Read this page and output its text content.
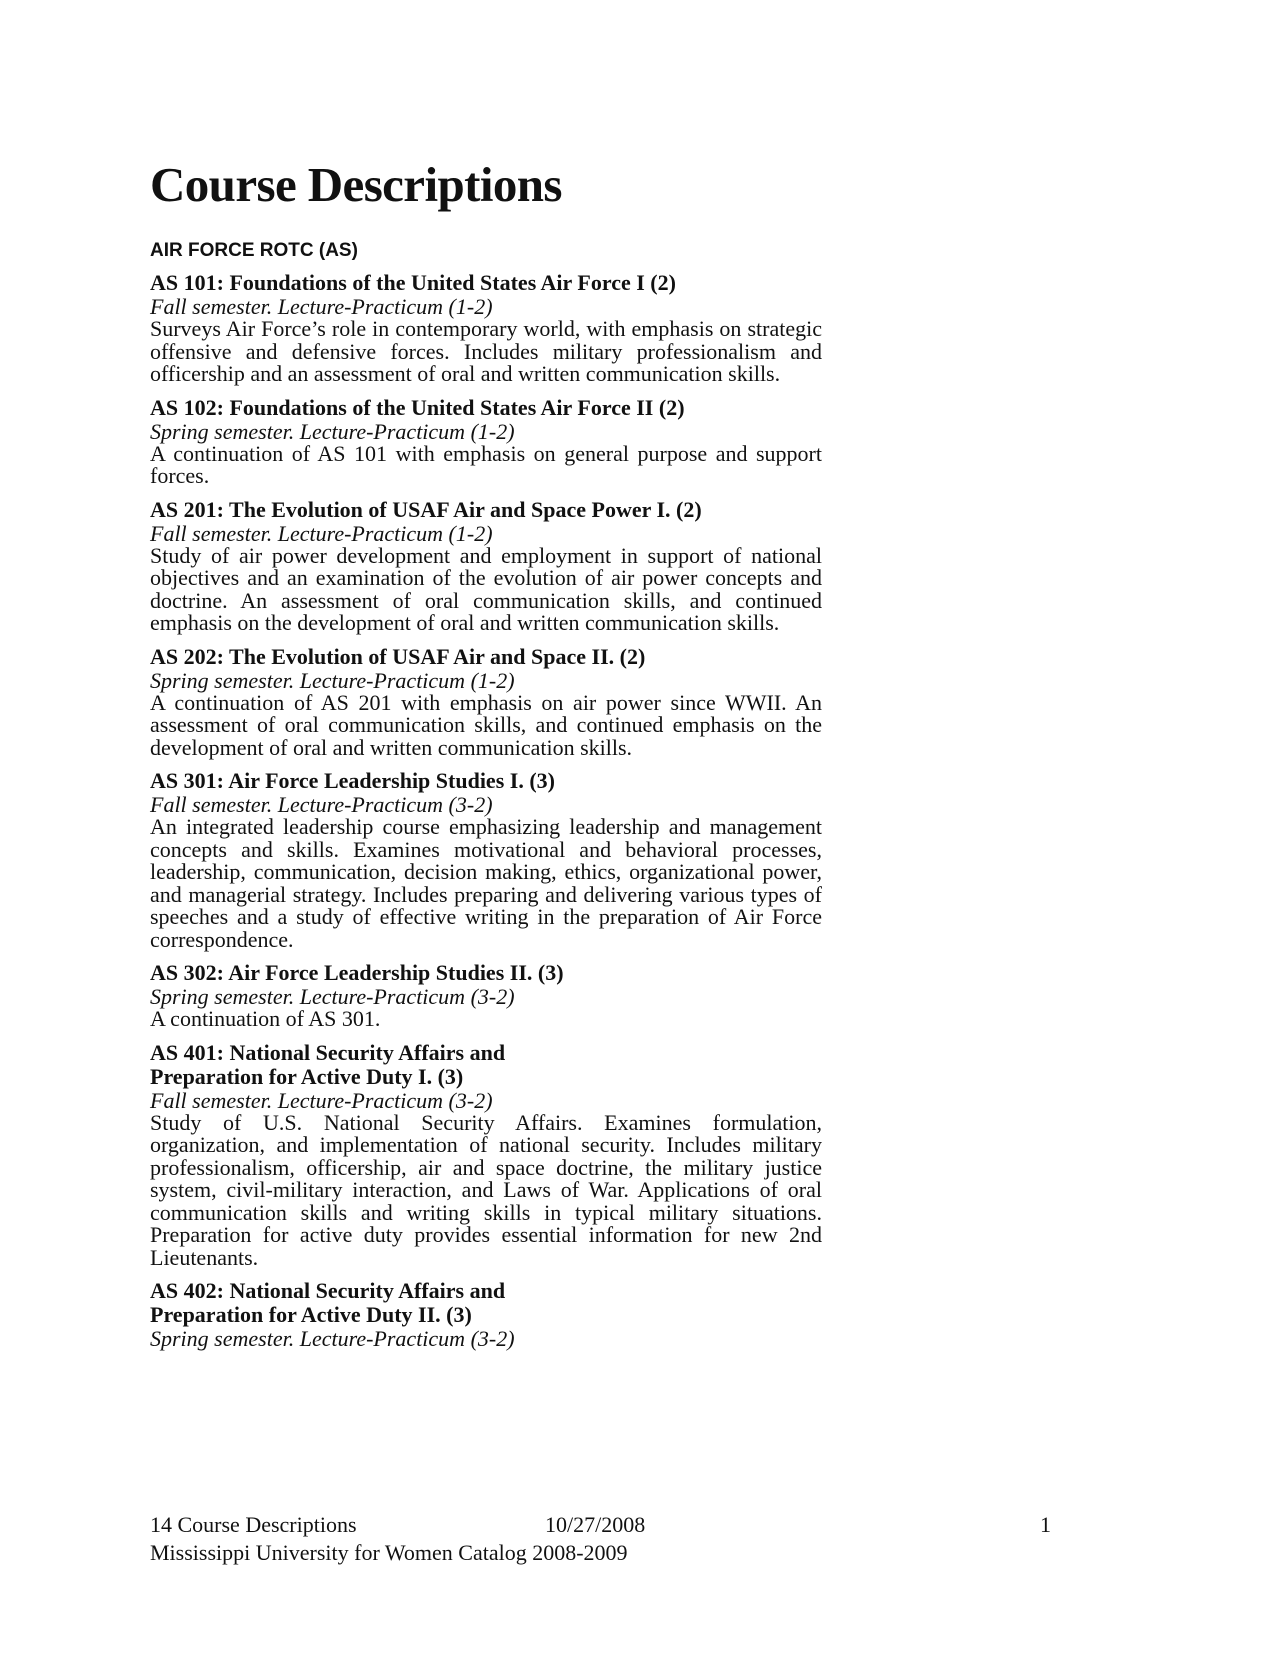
Course Descriptions
AIR FORCE ROTC (AS)
AS 101: Foundations of the United States Air Force I (2)
Fall semester. Lecture-Practicum (1-2)
Surveys Air Force’s role in contemporary world, with emphasis on strategic offensive and defensive forces. Includes military professionalism and officership and an assessment of oral and written communication skills.
AS 102: Foundations of the United States Air Force II (2)
Spring semester. Lecture-Practicum (1-2)
A continuation of AS 101 with emphasis on general purpose and support forces.
AS 201: The Evolution of USAF Air and Space Power I. (2)
Fall semester. Lecture-Practicum (1-2)
Study of air power development and employment in support of national objectives and an examination of the evolution of air power concepts and doctrine. An assessment of oral communication skills, and continued emphasis on the development of oral and written communication skills.
AS 202: The Evolution of USAF Air and Space II. (2)
Spring semester. Lecture-Practicum (1-2)
A continuation of AS 201 with emphasis on air power since WWII. An assessment of oral communication skills, and continued emphasis on the development of oral and written communication skills.
AS 301: Air Force Leadership Studies I. (3)
Fall semester. Lecture-Practicum (3-2)
An integrated leadership course emphasizing leadership and management concepts and skills. Examines motivational and behavioral processes, leadership, communication, decision making, ethics, organizational power, and managerial strategy. Includes preparing and delivering various types of speeches and a study of effective writing in the preparation of Air Force correspondence.
AS 302: Air Force Leadership Studies II. (3)
Spring semester. Lecture-Practicum (3-2)
A continuation of AS 301.
AS 401: National Security Affairs and
Preparation for Active Duty I. (3)
Fall semester. Lecture-Practicum (3-2)
Study of U.S. National Security Affairs. Examines formulation, organization, and implementation of national security. Includes military professionalism, officership, air and space doctrine, the military justice system, civil-military interaction, and Laws of War. Applications of oral communication skills and writing skills in typical military situations. Preparation for active duty provides essential information for new 2nd Lieutenants.
AS 402: National Security Affairs and
Preparation for Active Duty II. (3)
Spring semester. Lecture-Practicum (3-2)
14 Course Descriptions	10/27/2008	1
Mississippi University for Women Catalog 2008-2009
